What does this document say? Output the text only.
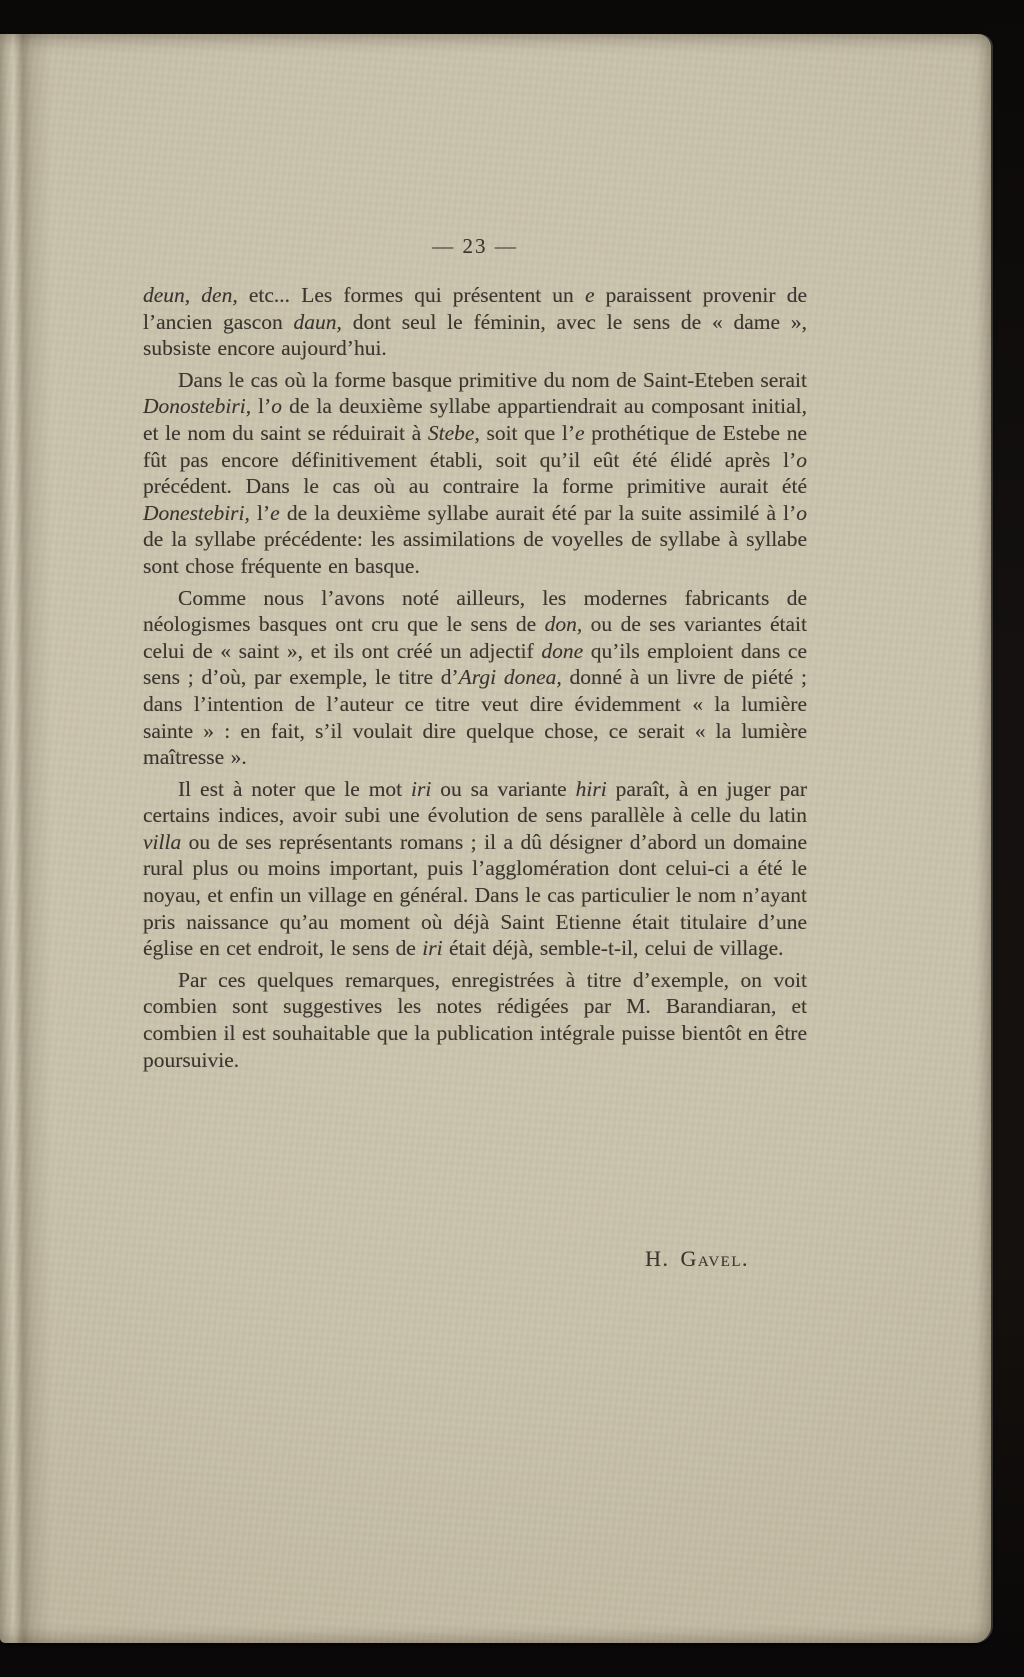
— 23 —

deun, den, etc... Les formes qui présentent un e paraissent provenir de l’ancien gascon daun, dont seul le féminin, avec le sens de « dame », subsiste encore aujourd’hui.

Dans le cas où la forme basque primitive du nom de Saint-Eteben serait Donostebiri, l’o de la deuxième syllabe appartiendrait au composant initial, et le nom du saint se réduirait à Stebe, soit que l’e prothétique de Estebe ne fût pas encore définitivement établi, soit qu’il eût été élidé après l’o précédent. Dans le cas où au contraire la forme primitive aurait été Donestebiri, l’e de la deuxième syllabe aurait été par la suite assimilé à l’o de la syllabe précédente: les assimilations de voyelles de syllabe à syllabe sont chose fréquente en basque.

Comme nous l’avons noté ailleurs, les modernes fabricants de néologismes basques ont cru que le sens de don, ou de ses variantes était celui de « saint », et ils ont créé un adjectif done qu’ils emploient dans ce sens ; d’où, par exemple, le titre d’Argi donea, donné à un livre de piété ; dans l’intention de l’auteur ce titre veut dire évidemment « la lumière sainte » : en fait, s’il voulait dire quelque chose, ce serait « la lumière maîtresse ».

Il est à noter que le mot iri ou sa variante hiri paraît, à en juger par certains indices, avoir subi une évolution de sens parallèle à celle du latin villa ou de ses représentants romans ; il a dû désigner d’abord un domaine rural plus ou moins important, puis l’agglomération dont celui-ci a été le noyau, et enfin un village en général. Dans le cas particulier le nom n’ayant pris naissance qu’au moment où déjà Saint Etienne était titulaire d’une église en cet endroit, le sens de iri était déjà, semble-t-il, celui de village.

Par ces quelques remarques, enregistrées à titre d’exemple, on voit combien sont suggestives les notes rédigées par M. Barandiaran, et combien il est souhaitable que la publication intégrale puisse bientôt en être poursuivie.

H. Gavel.
